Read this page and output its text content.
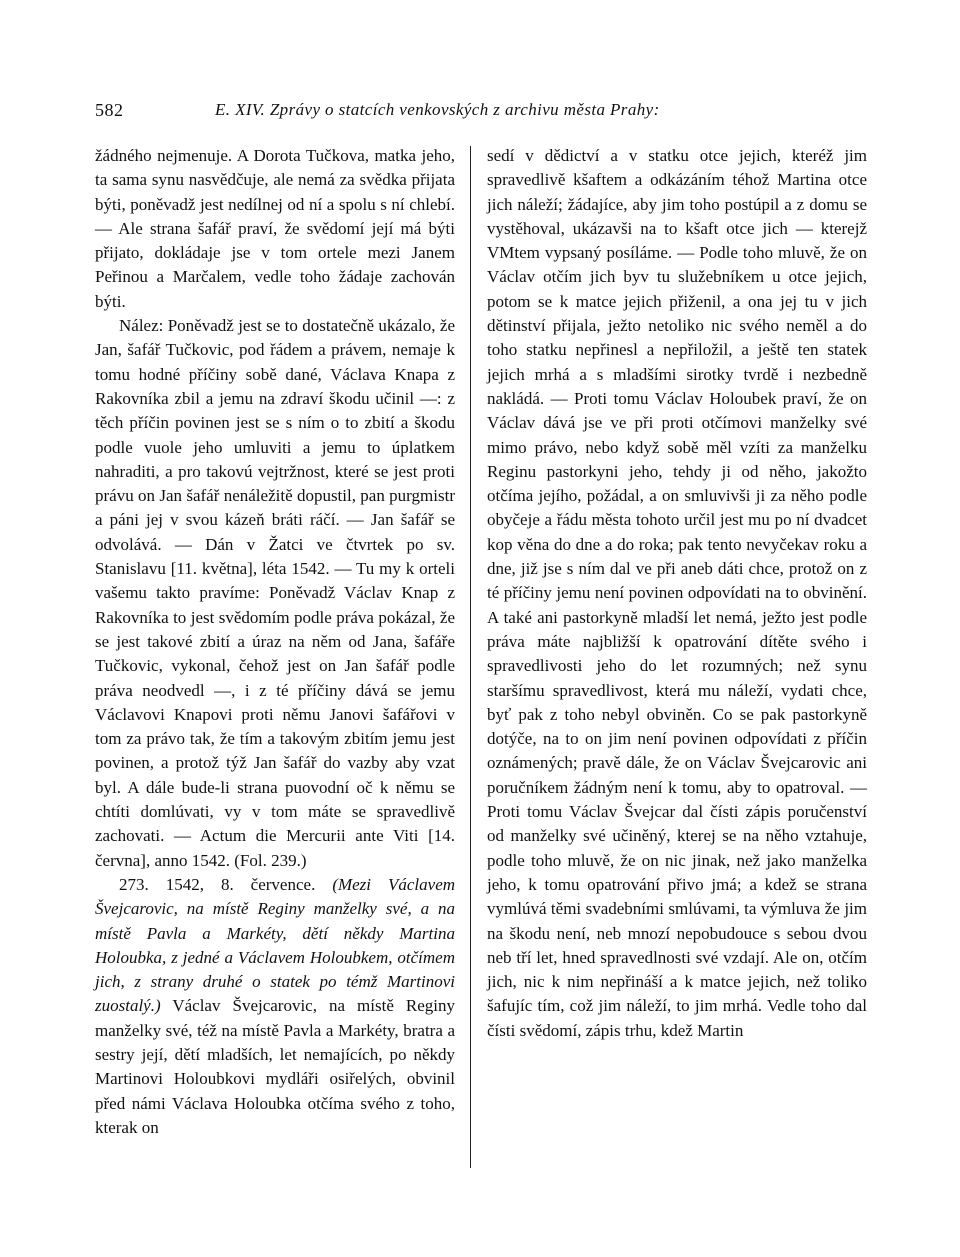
582	E. XIV. Zprávy o statcích venkovských z archivu města Prahy:

žádného nejmenuje. A Dorota Tučkova, matka jeho, ta sama synu nasvědčuje, ale nemá za svědka přijata býti, poněvadž jest nedílnej od ní a spolu s ní chlebí. — Ale strana šafář praví, že svědomí její má býti přijato, dokládaje jse v tom ortele mezi Janem Peřinou a Marčalem, vedle toho žádaje zachován býti.

Nález: Poněvadž jest se to dostatečně ukázalo, že Jan, šafář Tučkovic, pod řádem a právem, nemaje k tomu hodné příčiny sobě dané, Václava Knapa z Rakovníka zbil a jemu na zdraví škodu učinil —: z těch příčin povinen jest se s ním o to zbití a škodu podle vuole jeho umluviti a jemu to úplatkem nahraditi, a pro takovú vejtržnost, které se jest proti právu on Jan šafář nenáležitě dopustil, pan purgmistr a páni jej v svou kázeň bráti ráčí. — Jan šafář se odvolává. — Dán v Žatci ve čtvrtek po sv. Stanislavu [11. května], léta 1542. — Tu my k orteli vašemu takto pravíme: Poněvadž Václav Knap z Rakovníka to jest svědomím podle práva pokázal, že se jest takové zbití a úraz na něm od Jana, šafáře Tučkovic, vykonal, čehož jest on Jan šafář podle práva neodvedl —, i z té příčiny dává se jemu Václavovi Knapovi proti němu Janovi šafářovi v tom za právo tak, že tím a takovým zbitím jemu jest povinen, a protož týž Jan šafář do vazby aby vzat byl. A dále bude-li strana puovodní oč k němu se chtíti domlúvati, vy v tom máte se spravedlivě zachovati. — Actum die Mercurii ante Viti [14. června], anno 1542. (Fol. 239.)

273. 1542, 8. července. (Mezi Václavem Švejcarovic, na místě Reginy manželky své, a na místě Pavla a Markéty, dětí někdy Martina Holoubka, z jedné a Václavem Holoubkem, otčímem jich, z strany druhé o statek po témž Martinovi zuostalý.) Václav Švejcarovic, na místě Reginy manželky své, též na místě Pavla a Markéty, bratra a sestry její, dětí mladších, let nemajících, po někdy Martinovi Holoubkovi mydláři osiřelých, obvinil před námi Václava Holoubka otčíma svého z toho, kterak on

sedí v dědictví a v statku otce jejich, kteréž jim spravedlivě kšaftem a odkázáním téhož Martina otce jich náleží; žádajíce, aby jim toho postúpil a z domu se vystěhoval, ukázavši na to kšaft otce jich — kterejž VMtem vypsaný posíláme. — Podle toho mluvě, že on Václav otčím jich byv tu služebníkem u otce jejich, potom se k matce jejich přiženil, a ona jej tu v jich dětinství přijala, ježto netoliko nic svého neměl a do toho statku nepřinesl a nepřiložil, a ještě ten statek jejich mrhá a s mladšími sirotky tvrdě i nezbedně nakládá. — Proti tomu Václav Holoubek praví, že on Václav dává jse ve při proti otčímovi manželky své mimo právo, nebo když sobě měl vzíti za manželku Reginu pastorkyni jeho, tehdy ji od něho, jakožto otčíma jejího, požádal, a on smluvivši ji za něho podle obyčeje a řádu města tohoto určil jest mu po ní dvadcet kop věna do dne a do roka; pak tento nevyčekav roku a dne, již jse s ním dal ve při aneb dáti chce, protož on z té příčiny jemu není povinen odpovídati na to obvinění. A také ani pastorkyně mladší let nemá, ježto jest podle práva máte najbližší k opatrování dítěte svého i spravedlivosti jeho do let rozumných; než synu staršímu spravedlivost, která mu náleží, vydati chce, byť pak z toho nebyl obviněn. Co se pak pastorkyně dotýče, na to on jim není povinen odpovídati z příčin oznámených; pravě dále, že on Václav Švejcarovic ani poručníkem žádným není k tomu, aby to opatroval. — Proti tomu Václav Švejcar dal čísti zápis poručenství od manželky své učiněný, kterej se na něho vztahuje, podle toho mluvě, že on nic jinak, než jako manželka jeho, k tomu opatrování přivo jmá; a kdež se strana vymlúvá těmi svadebními smlúvami, ta výmluva že jim na škodu není, neb mnozí nepobudouce s sebou dvou neb tří let, hned spravedlnosti své vzdají. Ale on, otčím jich, nic k nim nepřináší a k matce jejich, než toliko šafujíc tím, což jim náleží, to jim mrhá. Vedle toho dal čísti svědomí, zápis trhu, kdež Martin
